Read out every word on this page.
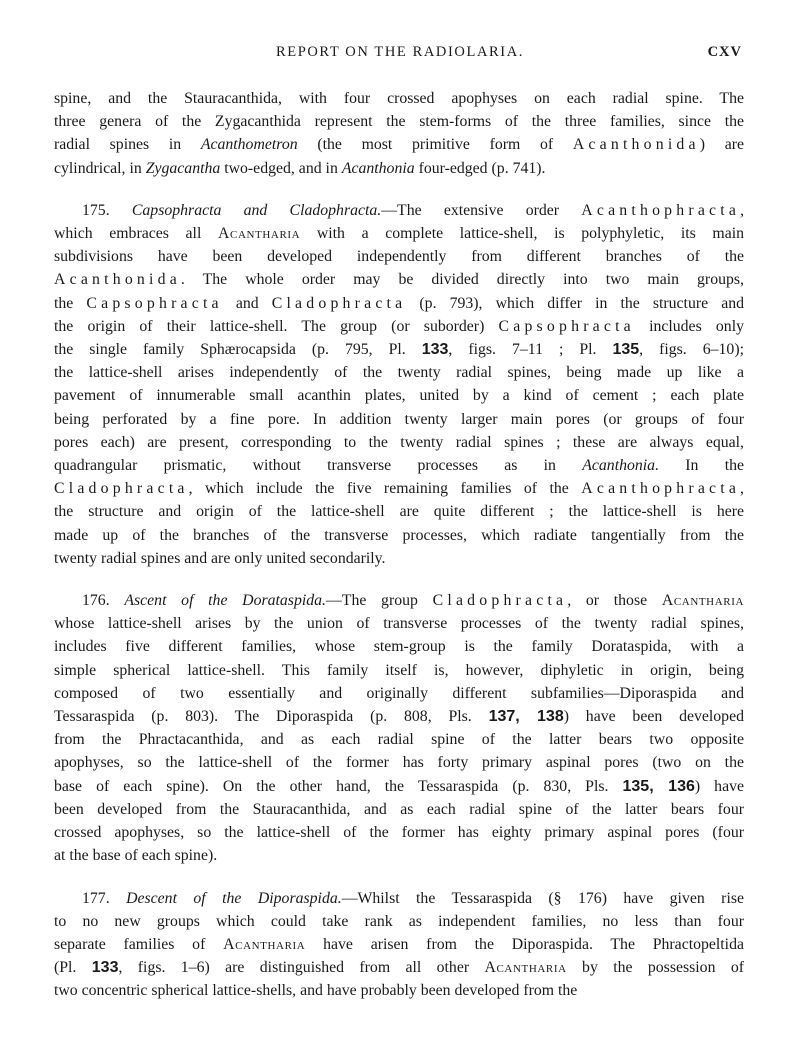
REPORT ON THE RADIOLARIA.	CXV
spine, and the Stauracanthida, with four crossed apophyses on each radial spine. The
three genera of the Zygacanthida represent the stem-forms of the three families, since the
radial spines in Acanthometron (the most primitive form of Acanthonida) are
cylindrical, in Zygacantha two-edged, and in Acanthonia four-edged (p. 741).
175. Capsophracta and Cladophracta.—The extensive order Acanthophracta,
which embraces all Acantharia with a complete lattice-shell, is polyphyletic, its main
subdivisions have been developed independently from different branches of the
Acanthonida. The whole order may be divided directly into two main groups,
the Capsophracta and Cladophracta (p. 793), which differ in the structure and
the origin of their lattice-shell. The group (or suborder) Capsophracta includes only
the single family Sphærocapsida (p. 795, Pl. 133, figs. 7–11 ; Pl. 135, figs. 6–10);
the lattice-shell arises independently of the twenty radial spines, being made up like a
pavement of innumerable small acanthin plates, united by a kind of cement ; each plate
being perforated by a fine pore. In addition twenty larger main pores (or groups of four
pores each) are present, corresponding to the twenty radial spines ; these are always equal,
quadrangular prismatic, without transverse processes as in Acanthonia. In the
Cladophracta, which include the five remaining families of the Acanthophracta,
the structure and origin of the lattice-shell are quite different ; the lattice-shell is here
made up of the branches of the transverse processes, which radiate tangentially from the
twenty radial spines and are only united secondarily.
176. Ascent of the Dorataspida.—The group Cladophracta, or those Acantharia
whose lattice-shell arises by the union of transverse processes of the twenty radial spines,
includes five different families, whose stem-group is the family Dorataspida, with a
simple spherical lattice-shell. This family itself is, however, diphyletic in origin, being
composed of two essentially and originally different subfamilies—Diporaspida and
Tessaraspida (p. 803). The Diporaspida (p. 808, Pls. 137, 138) have been developed
from the Phractacanthida, and as each radial spine of the latter bears two opposite
apophyses, so the lattice-shell of the former has forty primary aspinal pores (two on the
base of each spine). On the other hand, the Tessaraspida (p. 830, Pls. 135, 136) have
been developed from the Stauracanthida, and as each radial spine of the latter bears four
crossed apophyses, so the lattice-shell of the former has eighty primary aspinal pores (four
at the base of each spine).
177. Descent of the Diporaspida.—Whilst the Tessaraspida (§ 176) have given rise
to no new groups which could take rank as independent families, no less than four
separate families of Acantharia have arisen from the Diporaspida. The Phractopeltida
(Pl. 133, figs. 1–6) are distinguished from all other Acantharia by the possession of
two concentric spherical lattice-shells, and have probably been developed from the
